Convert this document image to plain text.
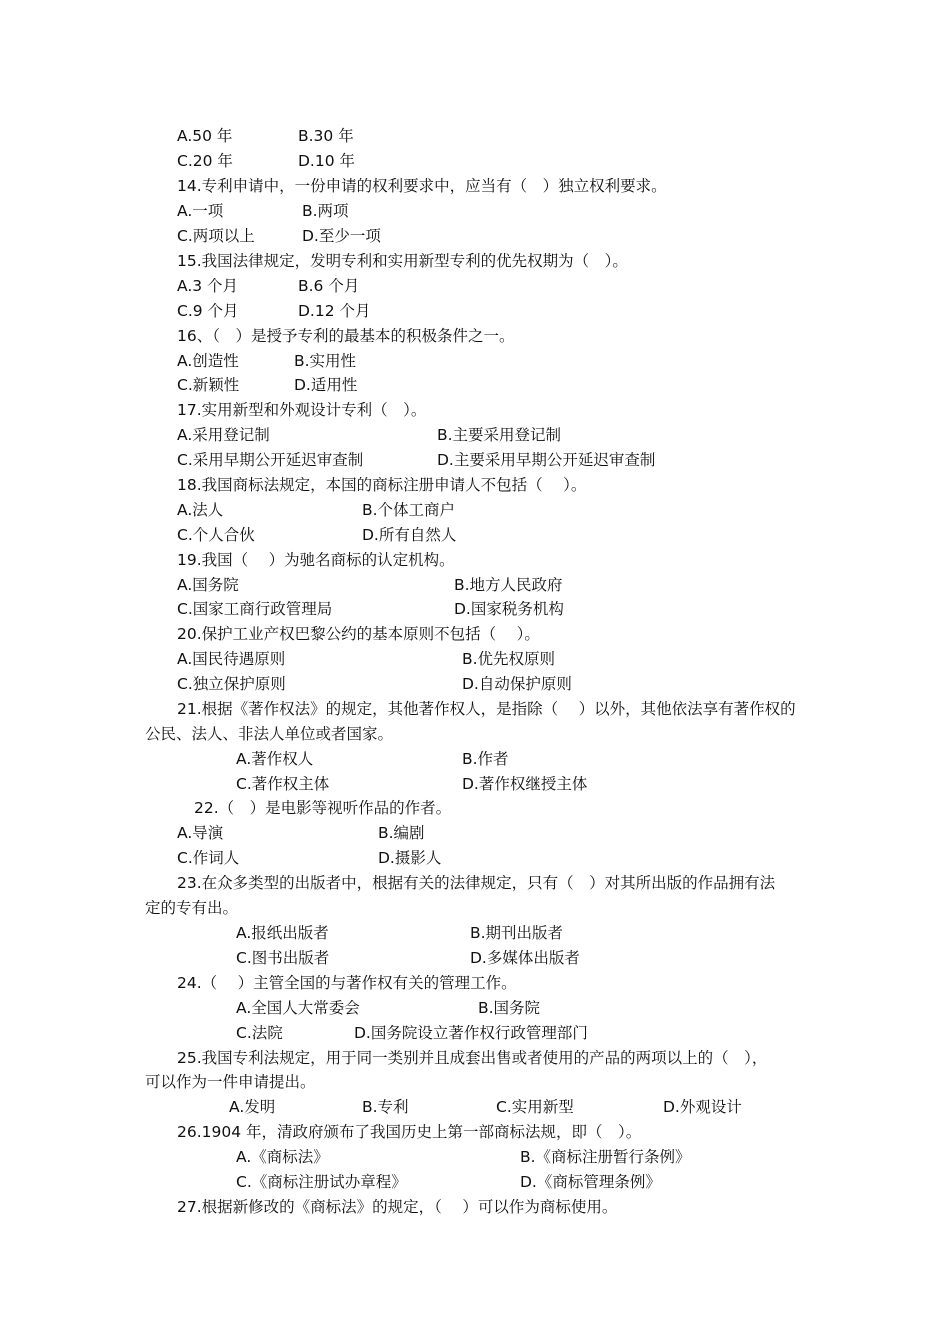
A.50 年	B.30 年
C.20 年	D.10 年
14.专利申请中，一份申请的权利要求中，应当有（　）独立权利要求。
A.一项	B.两项
C.两项以上	D.至少一项
15.我国法律规定，发明专利和实用新型专利的优先权期为（　）。
A.3 个月	B.6 个月
C.9 个月	D.12 个月
16、（　）是授予专利的最基本的积极条件之一。
A.创造性	B.实用性
C.新颖性	D.适用性
17.实用新型和外观设计专利（　）。
A.采用登记制	B.主要采用登记制
C.采用早期公开延迟审查制	D.主要采用早期公开延迟审查制
18.我国商标法规定，本国的商标注册申请人不包括（　 ）。
A.法人	B.个体工商户
C.个人合伙	D.所有自然人
19.我国（　 ）为驰名商标的认定机构。
A.国务院	B.地方人民政府
C.国家工商行政管理局	D.国家税务机构
20.保护工业产权巴黎公约的基本原则不包括（　 ）。
A.国民待遇原则	B.优先权原则
C.独立保护原则	D.自动保护原则
21.根据《著作权法》的规定，其他著作权人，是指除（　 ）以外，其他依法享有著作权的
公民、法人、非法人单位或者国家。
A.著作权人	B.作者
C.著作权主体	D.著作权继授主体
22.（　）是电影等视听作品的作者。
A.导演	B.编剧
C.作词人	D.摄影人
23.在众多类型的出版者中，根据有关的法律规定，只有（　）对其所出版的作品拥有法
定的专有出。
A.报纸出版者	B.期刊出版者
C.图书出版者	D.多媒体出版者
24.（　 ）主管全国的与著作权有关的管理工作。
A.全国人大常委会	B.国务院
C.法院	D.国务院设立著作权行政管理部门
25.我国专利法规定，用于同一类别并且成套出售或者使用的产品的两项以上的（　），
可以作为一件申请提出。
A.发明	B.专利	C.实用新型	D.外观设计
26.1904 年，清政府颁布了我国历史上第一部商标法规，即（　）。
A.《商标法》	B.《商标注册暂行条例》
C.《商标注册试办章程》	D.《商标管理条例》
27.根据新修改的《商标法》的规定，（　 ）可以作为商标使用。
